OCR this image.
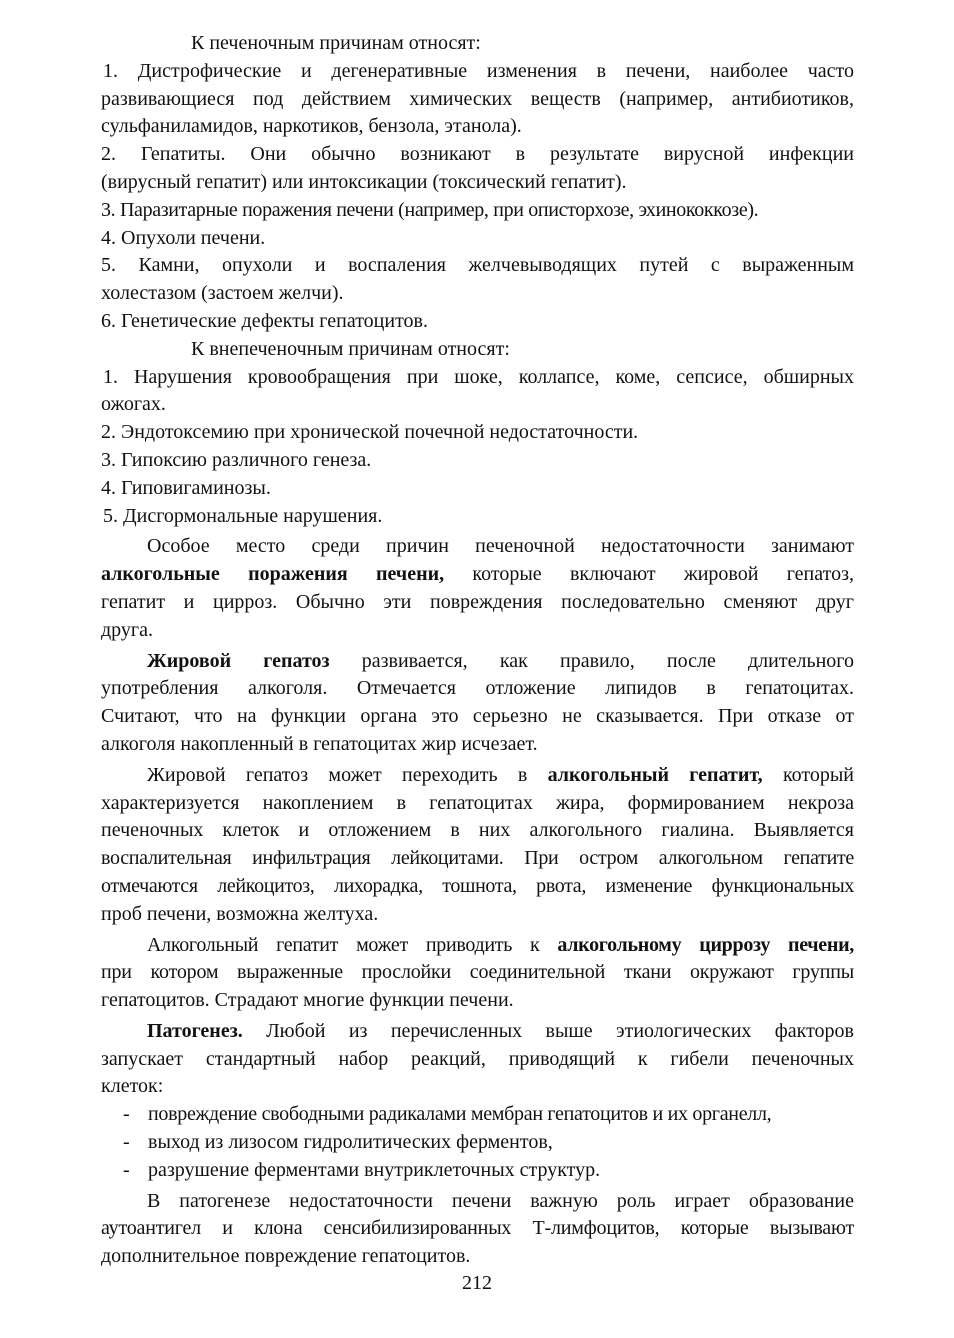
К печеночным причинам относят:
1. Дистрофические и дегенеративные изменения в печени, наиболее часто
развивающиеся под действием химических веществ (например, антибиотиков,
сульфаниламидов, наркотиков, бензола, этанола).
2. Гепатиты. Они обычно возникают в результате вирусной инфекции
(вирусный гепатит) или интоксикации (токсический гепатит).
3. Паразитарные поражения печени (например, при описторхозе, эхинококкозе).
4. Опухоли печени.
5. Камни, опухоли и воспаления желчевыводящих путей с выраженным
холестазом (застоем желчи).
6. Генетические дефекты гепатоцитов.
К внепеченочным причинам относят:
1. Нарушения кровообращения при шоке, коллапсе, коме, сепсисе, обширных
ожогах.
2. Эндотоксемию при хронической почечной недостаточности.
3. Гипоксию различного генеза.
4. Гиповигаминозы.
5. Дисгормональные нарушения.
Особое место среди причин печеночной недостаточности занимают
алкогольные поражения печени, которые включают жировой гепатоз,
гепатит и цирроз. Обычно эти повреждения последовательно сменяют друг
друга.
Жировой гепатоз развивается, как правило, после длительного
употребления алкоголя. Отмечается отложение липидов в гепатоцитах.
Считают, что на функции органа это серьезно не сказывается. При отказе от
алкоголя накопленный в гепатоцитах жир исчезает.
Жировой гепатоз может переходить в алкогольный гепатит, который
характеризуется накоплением в гепатоцитах жира, формированием некроза
печеночных клеток и отложением в них алкогольного гиалина. Выявляется
воспалительная инфильтрация лейкоцитами. При остром алкогольном гепатите
отмечаются лейкоцитоз, лихорадка, тошнота, рвота, изменение функциональных
проб печени, возможна желтуха.
Алкогольный гепатит может приводить к алкогольному циррозу печени,
при котором выраженные прослойки соединительной ткани окружают группы
гепатоцитов. Страдают многие функции печени.
Патогенез. Любой из перечисленных выше этиологических факторов
запускает стандартный набор реакций, приводящий к гибели печеночных
клеток:
- повреждение свободными радикалами мембран гепатоцитов и их органелл,
- выход из лизосом гидролитических ферментов,
- разрушение ферментами внутриклеточных структур.
В патогенезе недостаточности печени важную роль играет образование
аутоантигел и клона сенсибилизированных Т-лимфоцитов, которые вызывают
дополнительное повреждение гепатоцитов.
212
